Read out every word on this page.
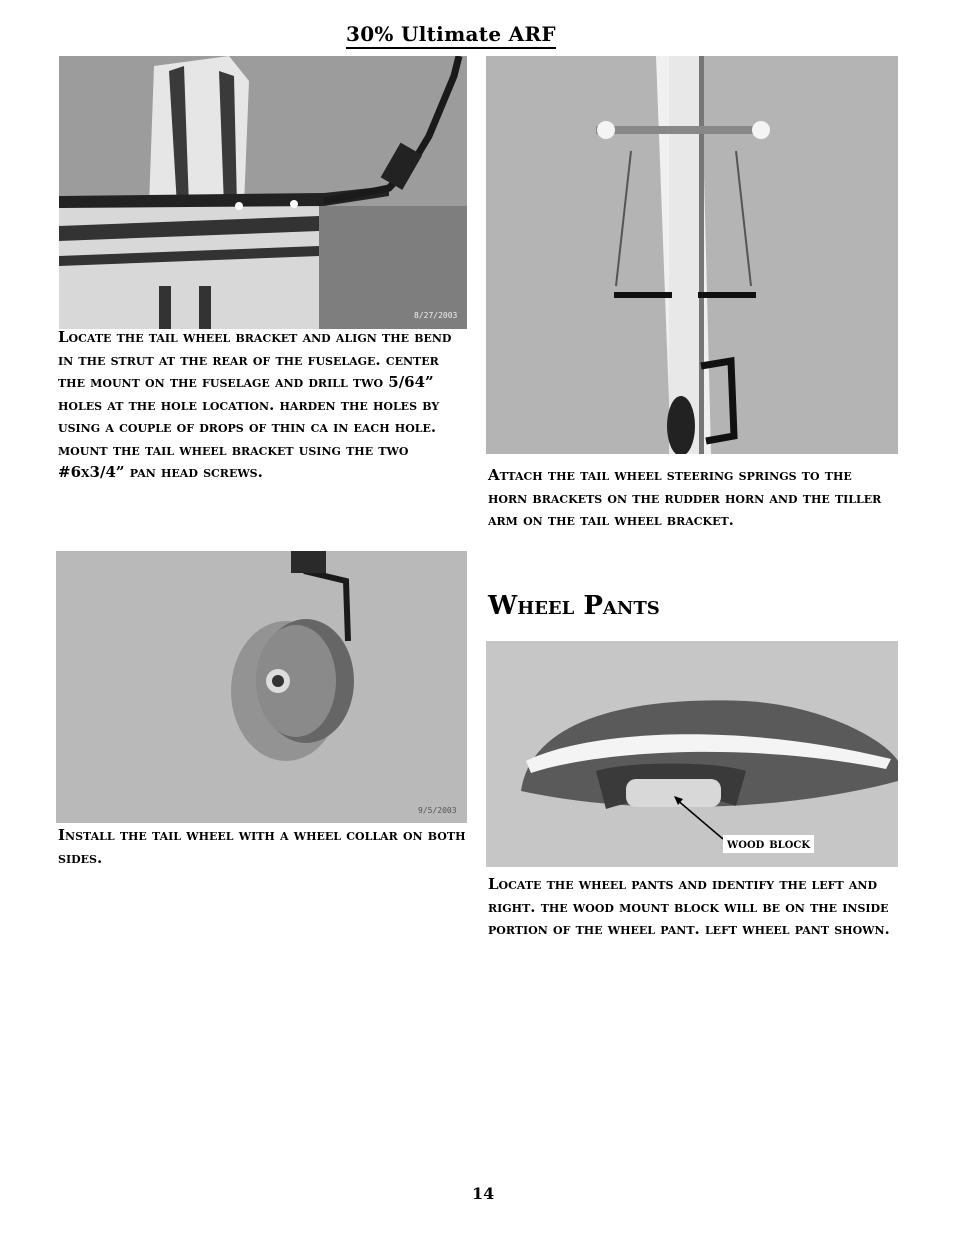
30% Ultimate ARF
8/27/2003
Locate the tail wheel bracket and align the bend in the strut at the rear of the fuselage. center the mount on the fuselage and drill two 5/64” holes at the hole location. harden the holes by using a couple of drops of thin ca in each hole. mount the tail wheel bracket using the two #6x3/4” pan head screws.	attach the tail wheel steering springs to the horn brackets on the rudder horn and the tiller arm on the tail wheel bracket.
9/5/2003
Install the tail wheel with a wheel collar on both sides.
Wheel Pants
wood block
Locate the wheel pants and identify the left and right. the wood mount block will be on the inside portion of the wheel pant. left wheel pant shown.
14
